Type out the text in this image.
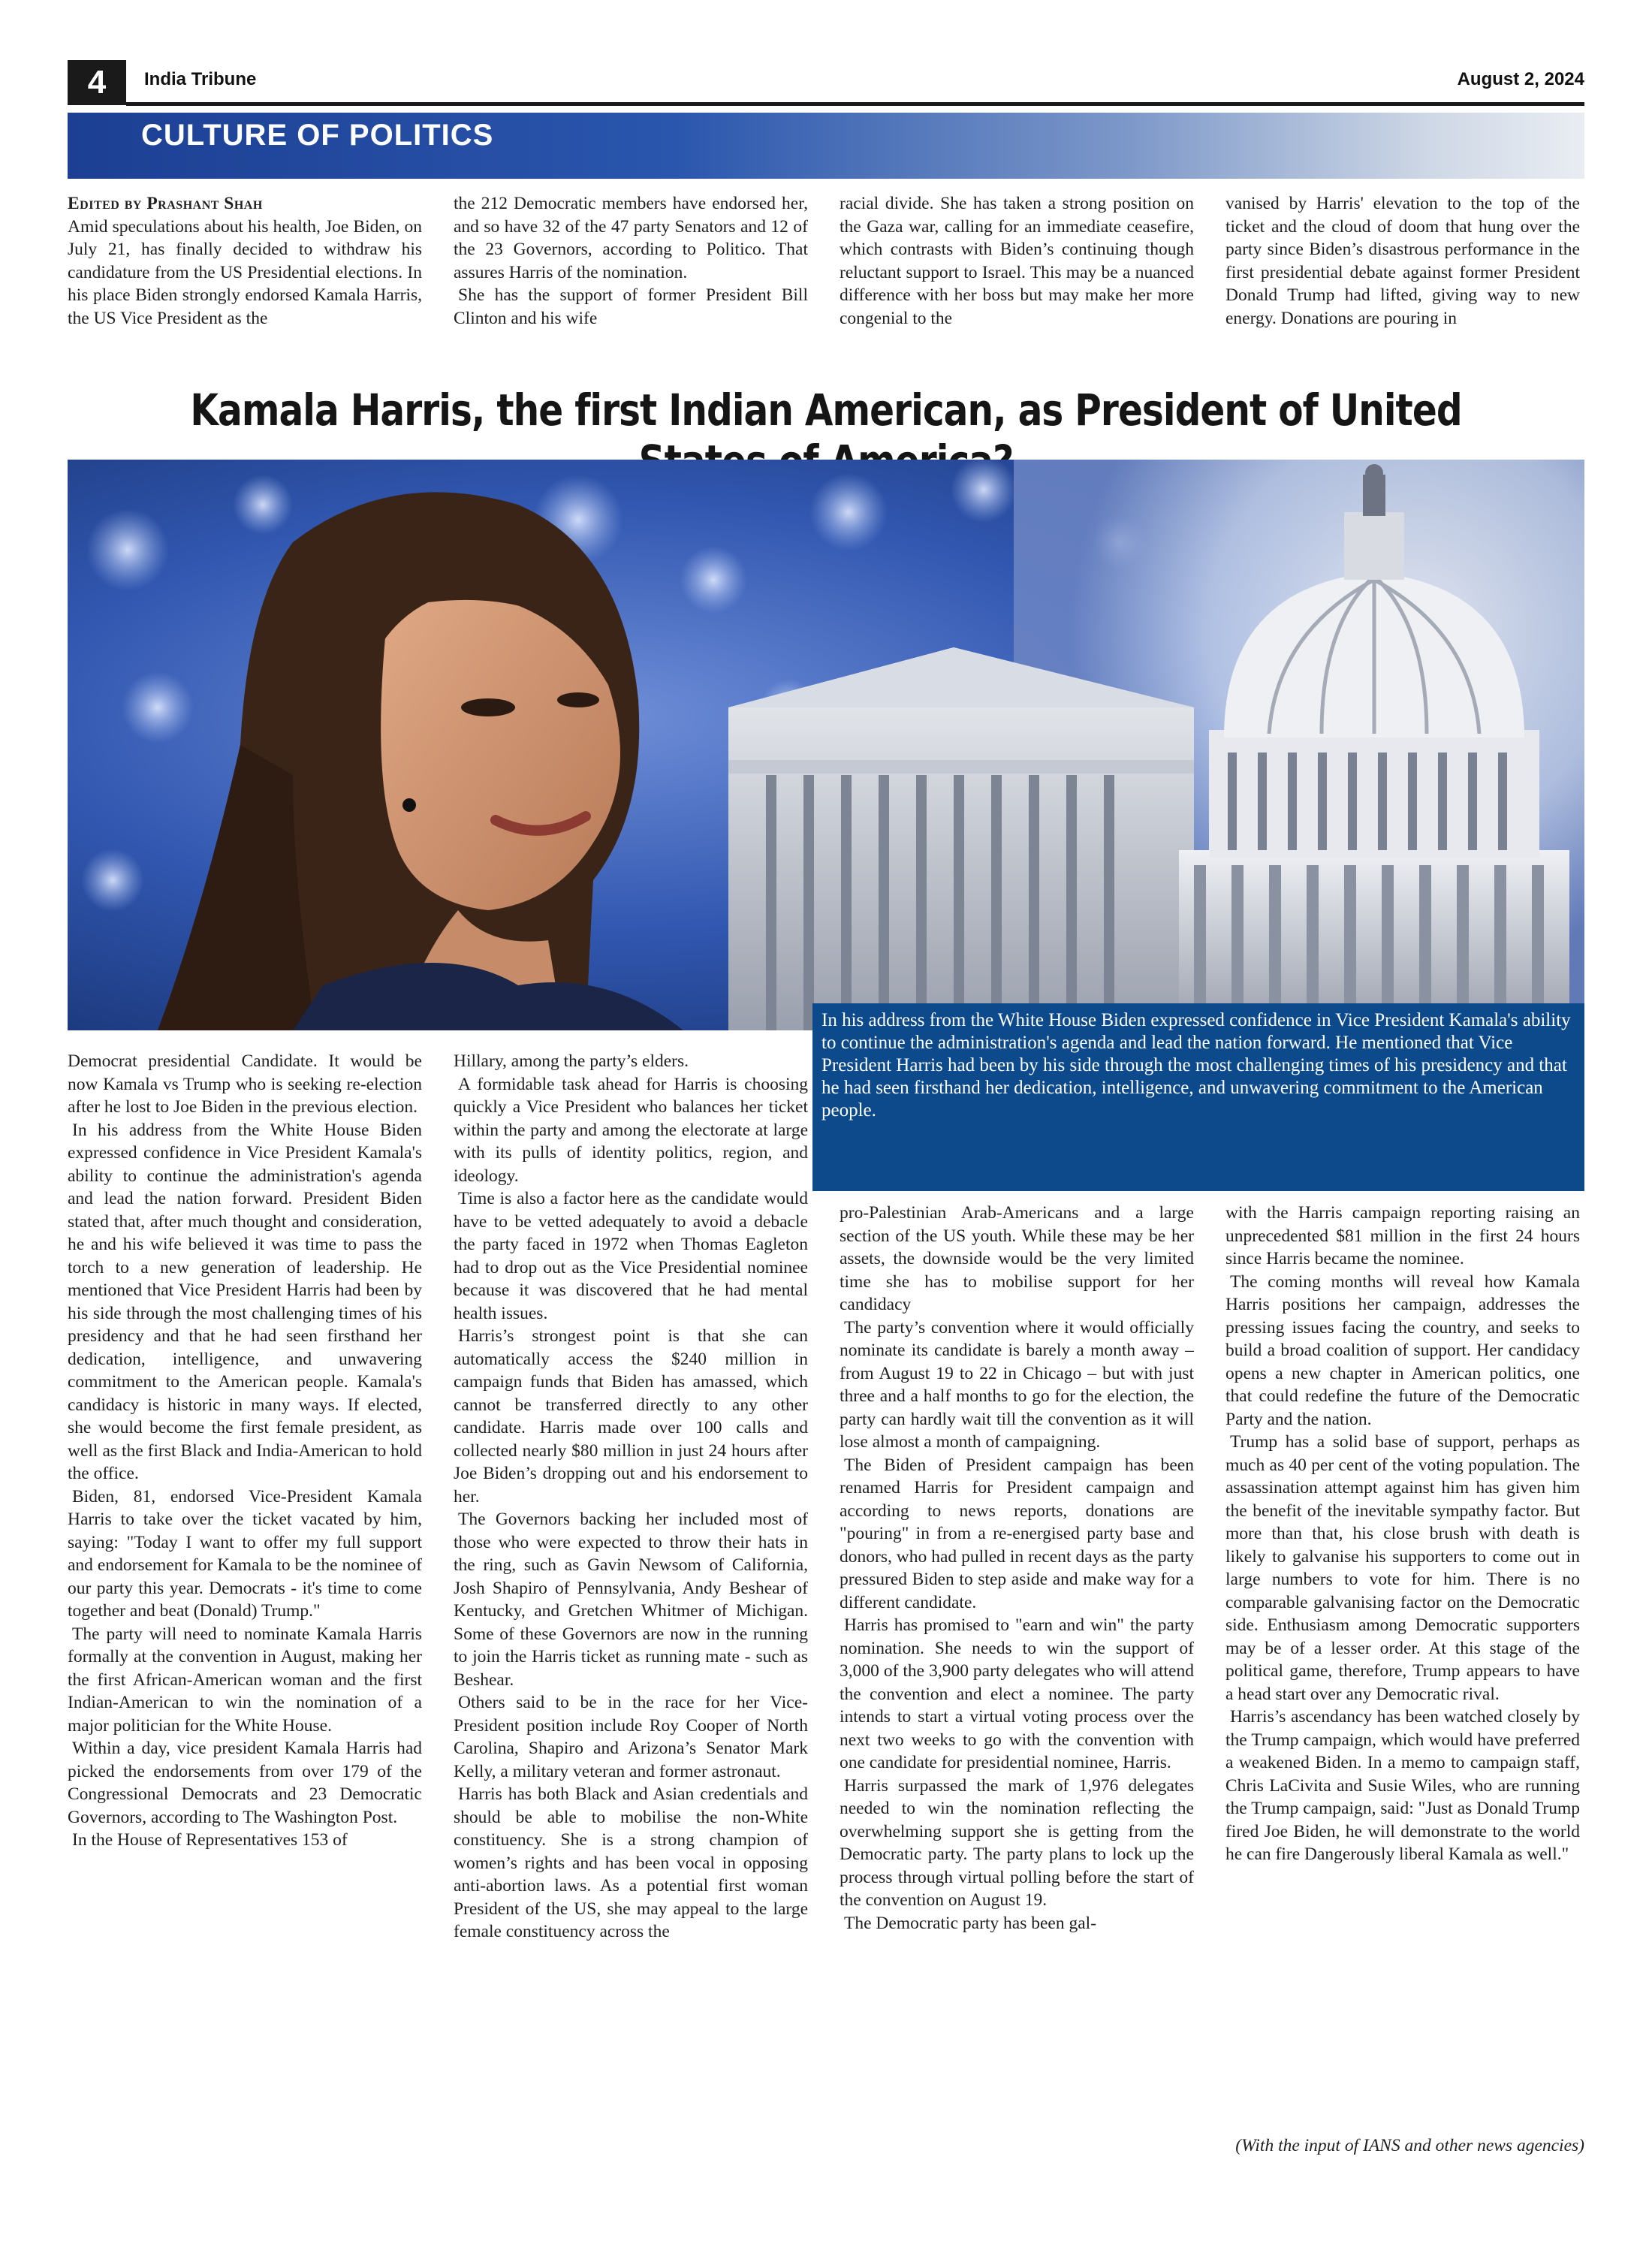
4	India Tribune	August 2, 2024
CULTURE OF POLITICS

Edited by Prashant Shah

Amid speculations about his health, Joe Biden, on July 21, has finally decided to withdraw his candidature from the US Presidential elections. In his place Biden strongly endorsed Kamala Harris, the US Vice President as the

the 212 Democratic members have endorsed her, and so have 32 of the 47 party Senators and 12 of the 23 Governors, according to Politico. That assures Harris of the nomination.

She has the support of former President Bill Clinton and his wife

racial divide. She has taken a strong position on the Gaza war, calling for an immediate ceasefire, which contrasts with Biden’s continuing though reluctant support to Israel. This may be a nuanced difference with her boss but may make her more congenial to the

vanised by Harris' elevation to the top of the ticket and the cloud of doom that hung over the party since Biden’s disastrous performance in the first presidential debate against former President Donald Trump had lifted, giving way to new energy. Donations are pouring in

Kamala Harris, the first Indian American, as President of United
In his address from the White House Biden expressed confidence in Vice President Kamala's ability to continue the administration's agenda and lead the nation forward. He mentioned that Vice President Harris had been by his side through the most challenging times of his presidency and that he had seen firsthand her dedication, intelligence, and unwavering commitment to the American people.

Democrat presidential Candidate. It would be now Kamala vs Trump who is seeking re-election after he lost to Joe Biden in the previous election.

In his address from the White House Biden expressed confidence in Vice President Kamala's ability to continue the administration's agenda and lead the nation forward. President Biden stated that, after much thought and consideration, he and his wife believed it was time to pass the torch to a new generation of leadership. He mentioned that Vice President Harris had been by his side through the most challenging times of his presidency and that he had seen firsthand her dedication, intelligence, and unwavering commitment to the American people. Kamala's candidacy is historic in many ways. If elected, she would become the first female president, as well as the first Black and India-American to hold the office.

Biden, 81, endorsed Vice-President Kamala Harris to take over the ticket vacated by him, saying: "Today I want to offer my full support and endorsement for Kamala to be the nominee of our party this year. Democrats - it's time to come together and beat (Donald) Trump."

The party will need to nominate Kamala Harris formally at the convention in August, making her the first African-American woman and the first Indian-American to win the nomination of a major politician for the White House.

Within a day, vice president Kamala Harris had picked the endorsements from over 179 of the Congressional Democrats and 23 Democratic Governors, according to The Washington Post.

In the House of Representatives 153 of

Hillary, among the party’s elders.

A formidable task ahead for Harris is choosing quickly a Vice President who balances her ticket within the party and among the electorate at large with its pulls of identity politics, region, and ideology.

Time is also a factor here as the candidate would have to be vetted adequately to avoid a debacle the party faced in 1972 when Thomas Eagleton had to drop out as the Vice Presidential nominee because it was discovered that he had mental health issues.

Harris’s strongest point is that she can automatically access the $240 million in campaign funds that Biden has amassed, which cannot be transferred directly to any other candidate. Harris made over 100 calls and collected nearly $80 million in just 24 hours after Joe Biden’s dropping out and his endorsement to her.

The Governors backing her included most of those who were expected to throw their hats in the ring, such as Gavin Newsom of California, Josh Shapiro of Pennsylvania, Andy Beshear of Kentucky, and Gretchen Whitmer of Michigan. Some of these Governors are now in the running to join the Harris ticket as running mate - such as Beshear.

Others said to be in the race for her Vice-President position include Roy Cooper of North Carolina, Shapiro and Arizona’s Senator Mark Kelly, a military veteran and former astronaut.

Harris has both Black and Asian credentials and should be able to mobilise the non-White constituency. She is a strong champion of women’s rights and has been vocal in opposing anti-abortion laws. As a potential first woman President of the US, she may appeal to the large female constituency across the

pro-Palestinian Arab-Americans and a large section of the US youth. While these may be her assets, the downside would be the very limited time she has to mobilise support for her candidacy

The party’s convention where it would officially nominate its candidate is barely a month away – from August 19 to 22 in Chicago – but with just three and a half months to go for the election, the party can hardly wait till the convention as it will lose almost a month of campaigning.

The Biden of President campaign has been renamed Harris for President campaign and according to news reports, donations are "pouring" in from a re-energised party base and donors, who had pulled in recent days as the party pressured Biden to step aside and make way for a different candidate.

Harris has promised to "earn and win" the party nomination. She needs to win the support of 3,000 of the 3,900 party delegates who will attend the convention and elect a nominee. The party intends to start a virtual voting process over the next two weeks to go with the convention with one candidate for presidential nominee, Harris.

Harris surpassed the mark of 1,976 delegates needed to win the nomination reflecting the overwhelming support she is getting from the Democratic party. The party plans to lock up the process through virtual polling before the start of the convention on August 19.

The Democratic party has been gal-

with the Harris campaign reporting raising an unprecedented $81 million in the first 24 hours since Harris became the nominee.

The coming months will reveal how Kamala Harris positions her campaign, addresses the pressing issues facing the country, and seeks to build a broad coalition of support. Her candidacy opens a new chapter in American politics, one that could redefine the future of the Democratic Party and the nation.

Trump has a solid base of support, perhaps as much as 40 per cent of the voting population. The assassination attempt against him has given him the benefit of the inevitable sympathy factor. But more than that, his close brush with death is likely to galvanise his supporters to come out in large numbers to vote for him. There is no comparable galvanising factor on the Democratic side. Enthusiasm among Democratic supporters may be of a lesser order. At this stage of the political game, therefore, Trump appears to have a head start over any Democratic rival.

Harris’s ascendancy has been watched closely by the Trump campaign, which would have preferred a weakened Biden. In a memo to campaign staff, Chris LaCivita and Susie Wiles, who are running the Trump campaign, said: "Just as Donald Trump fired Joe Biden, he will demonstrate to the world he can fire Dangerously liberal Kamala as well."

(With the input of IANS and other news agencies)
